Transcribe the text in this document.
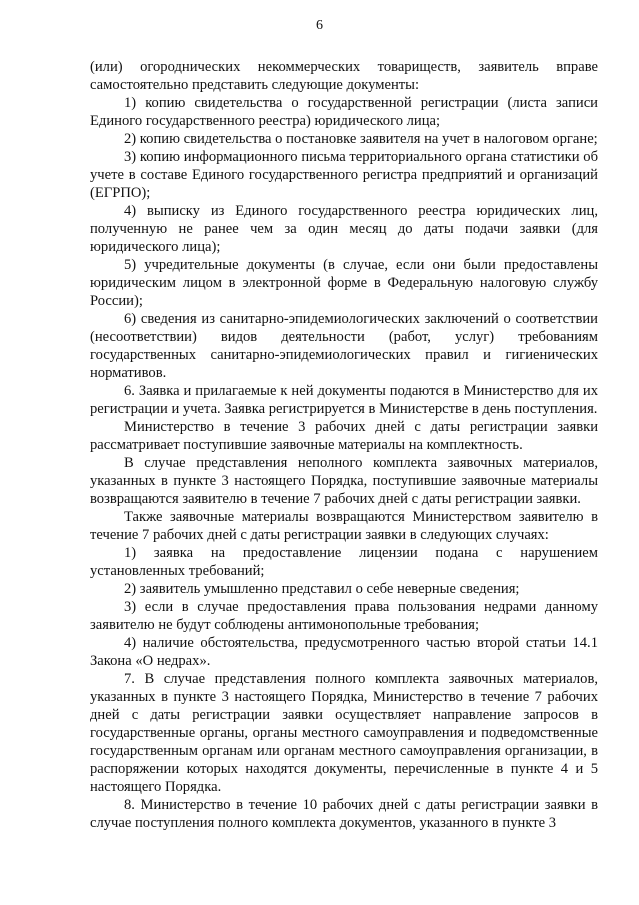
6

(или) огороднических некоммерческих товариществ, заявитель вправе самостоятельно представить следующие документы:

1) копию свидетельства о государственной регистрации (листа записи Единого государственного реестра) юридического лица;

2) копию свидетельства о постановке заявителя на учет в налоговом органе;

3) копию информационного письма территориального органа статистики об учете в составе Единого государственного регистра предприятий и организаций (ЕГРПО);

4) выписку из Единого государственного реестра юридических лиц, полученную не ранее чем за один месяц до даты подачи заявки (для юридического лица);

5) учредительные документы (в случае, если они были предоставлены юридическим лицом в электронной форме в Федеральную налоговую службу России);

6) сведения из санитарно-эпидемиологических заключений о соответствии (несоответствии) видов деятельности (работ, услуг) требованиям государственных санитарно-эпидемиологических правил и гигиенических нормативов.

6. Заявка и прилагаемые к ней документы подаются в Министерство для их регистрации и учета. Заявка регистрируется в Министерстве в день поступления.

Министерство в течение 3 рабочих дней с даты регистрации заявки рассматривает поступившие заявочные материалы на комплектность.

В случае представления неполного комплекта заявочных материалов, указанных в пункте 3 настоящего Порядка, поступившие заявочные материалы возвращаются заявителю в течение 7 рабочих дней с даты регистрации заявки.

Также заявочные материалы возвращаются Министерством заявителю в течение 7 рабочих дней с даты регистрации заявки в следующих случаях:

1) заявка на предоставление лицензии подана с нарушением установленных требований;

2) заявитель умышленно представил о себе неверные сведения;

3) если в случае предоставления права пользования недрами данному заявителю не будут соблюдены антимонопольные требования;

4) наличие обстоятельства, предусмотренного частью второй статьи 14.1 Закона «О недрах».

7. В случае представления полного комплекта заявочных материалов, указанных в пункте 3 настоящего Порядка, Министерство в течение 7 рабочих дней с даты регистрации заявки осуществляет направление запросов в государственные органы, органы местного самоуправления и подведомственные государственным органам или органам местного самоуправления организации, в распоряжении которых находятся документы, перечисленные в пункте 4 и 5 настоящего Порядка.

8. Министерство в течение 10 рабочих дней с даты регистрации заявки в случае поступления полного комплекта документов, указанного в пункте 3
